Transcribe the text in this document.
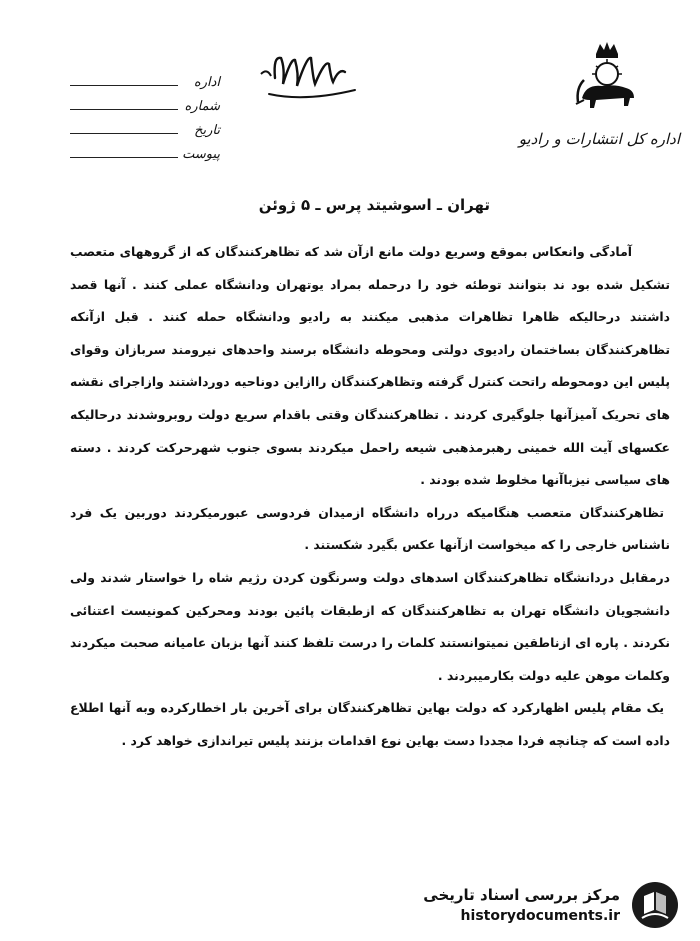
اداره کل انتشارات و رادیو
اداره
شماره
تاریخ
پیوست
تهران ـ اسوشیتد پرس ـ ۵ ژوئن

آمادگی وانعکاس بموقع وسریع دولت مانع ازآن شد که تظاهرکنندگان که از گروههای متعصب تشکیل شده بود ند بتوانند توطئه خود را درحمله بمراد یوتهران ودانشگاه عملی کنند . آنها قصد داشتند درحالیکه ظاهرا تظاهرات مذهبی میکنند به رادیو ودانشگاه حمله کنند . قبل ازآنکه تظاهرکنندگان بساختمان رادیوی دولتی ومحوطه دانشگاه برسند واحدهای نیرومند سربازان وقوای پلیس این دومحوطه راتحت کنترل گرفته وتظاهرکنندگان راازاین دوناحیه دورداشتند وازاجرای نقشه های تحریک آمیزآنها جلوگیری کردند . تظاهرکنندگان وقتی باقدام سریع دولت روبروشدند درحالیکه عکسهای آیت الله خمینی رهبرمذهبی شیعه راحمل میکردند بسوی جنوب شهرحرکت کردند . دسته های سیاسی نیزباآنها مخلوط شده بودند .

تظاهرکنندگان متعصب هنگامیکه درراه دانشگاه ازمیدان فردوسی عبورمیکردند دوربین یک فرد ناشناس خارجی را که میخواست ازآنها عکس بگیرد شکستند .

درمقابل دردانشگاه تظاهرکنندگان اسدهای دولت وسرنگون کردن رژیم شاه را خواستار شدند ولی دانشجویان دانشگاه تهران به تظاهرکنندگان که ازطبقات پائین بودند ومحرکین کمونیست اعتنائی نکردند . پاره ای ازناطقین نمیتوانستند کلمات را درست تلفظ کنند آنها بزبان عامیانه صحبت میکردند وکلمات موهن علیه دولت بکارمیبردند .

یک مقام پلیس اظهارکرد که دولت بهاین تظاهرکنندگان برای آخرین بار اخطارکرده وبه آنها اطلاع داده است که چنانچه فردا مجددا دست بهاین نوع اقدامات بزنند پلیس تیراندازی خواهد کرد .

مرکز بررسی اسناد تاریخی
historydocuments.ir
